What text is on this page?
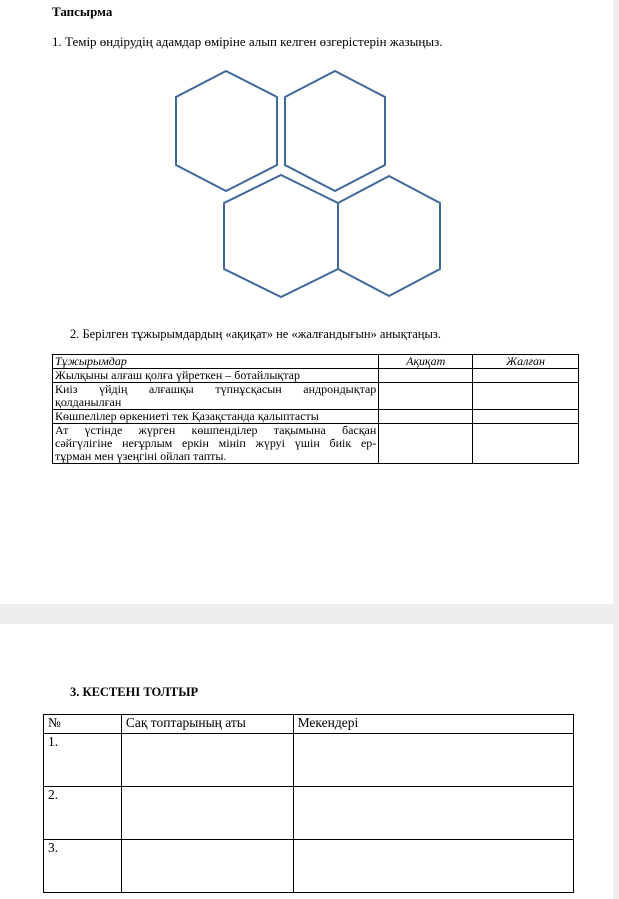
Тапсырма
1. Темір өндірудің адамдар өміріне алып келген өзгерістерін жазыңыз.
2. Берілген тұжырымдардың «ақиқат» не «жалғандығын» анықтаңыз.
Тұжырымдар	Ақиқат	Жалған

Жылқыны алғаш қолға үйреткен – ботайлықтар		

Киіз үйдің алғашқы түпнұсқасын андрондықтар
қолданылған		

Көшпелілер өркениеті тек Қазақстанда қалыптасты		

Ат үстінде жүрген көшпенділер тақымына басқан
сәйгүлігіне неғұрлым еркін мініп жүруі үшін биік ер-
тұрман мен үзеңгіні ойлап тапты.		

3. КЕСТЕНІ ТОЛТЫР
№	Сақ топтарының аты	Мекендері
1.		
2.		
3.		
